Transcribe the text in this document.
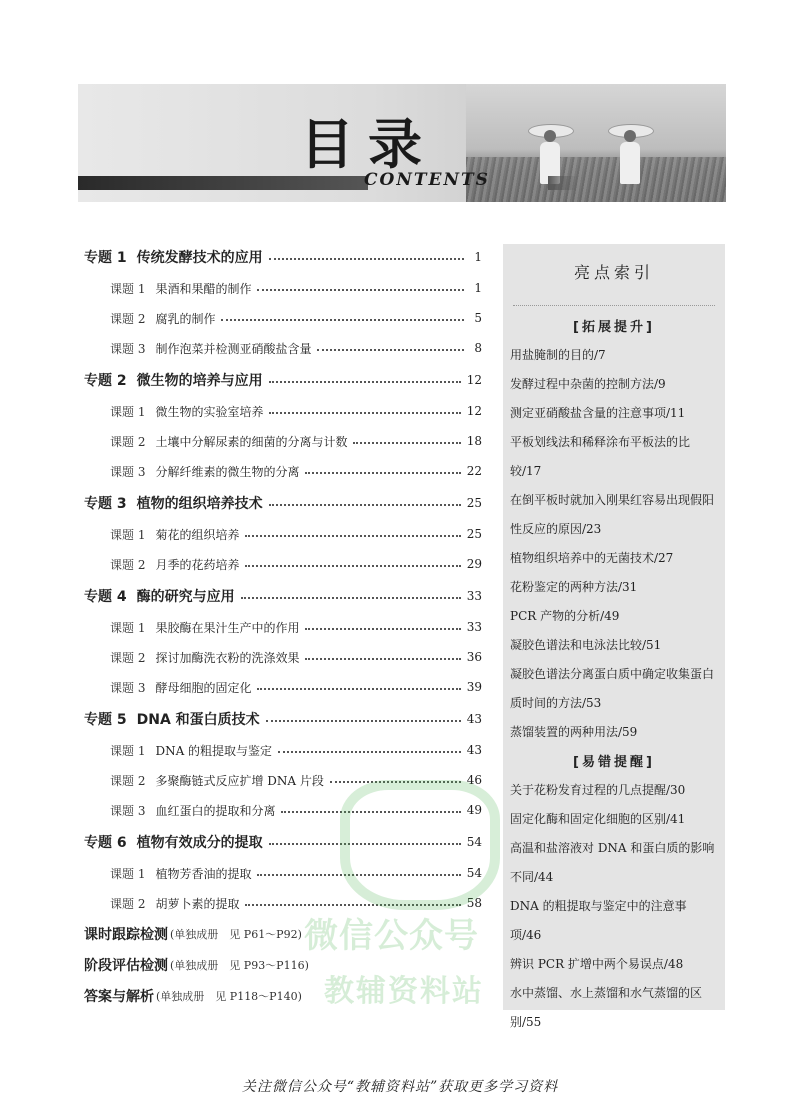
目录
CONTENTS
专题 1 传统发酵技术的应用	1
课题 1 果酒和果醋的制作	1
课题 2 腐乳的制作	5
课题 3 制作泡菜并检测亚硝酸盐含量	8
专题 2 微生物的培养与应用	12
课题 1 微生物的实验室培养	12
课题 2 土壤中分解尿素的细菌的分离与计数	18
课题 3 分解纤维素的微生物的分离	22
专题 3 植物的组织培养技术	25
课题 1 菊花的组织培养	25
课题 2 月季的花药培养	29
专题 4 酶的研究与应用	33
课题 1 果胶酶在果汁生产中的作用	33
课题 2 探讨加酶洗衣粉的洗涤效果	36
课题 3 酵母细胞的固定化	39
专题 5 DNA 和蛋白质技术	43
课题 1 DNA 的粗提取与鉴定	43
课题 2 多聚酶链式反应扩增 DNA 片段	46
课题 3 血红蛋白的提取和分离	49
专题 6 植物有效成分的提取	54
课题 1 植物芳香油的提取	54
课题 2 胡萝卜素的提取	58
课时跟踪检测 (单独成册　见 P61～P92)
阶段评估检测 (单独成册　见 P93～P116)
答案与解析 (单独成册　见 P118～P140)
亮点索引
[拓展提升]
用盐腌制的目的/7
发酵过程中杂菌的控制方法/9
测定亚硝酸盐含量的注意事项/11
平板划线法和稀释涂布平板法的比较/17
在倒平板时就加入刚果红容易出现假阳性反应的原因/23
植物组织培养中的无菌技术/27
花粉鉴定的两种方法/31
PCR 产物的分析/49
凝胶色谱法和电泳法比较/51
凝胶色谱法分离蛋白质中确定收集蛋白质时间的方法/53
蒸馏装置的两种用法/59
[易错提醒]
关于花粉发育过程的几点提醒/30
固定化酶和固定化细胞的区别/41
高温和盐溶液对 DNA 和蛋白质的影响不同/44
DNA 的粗提取与鉴定中的注意事项/46
辨识 PCR 扩增中两个易误点/48
水中蒸馏、水上蒸馏和水气蒸馏的区别/55
微信公众号
教辅资料站
关注微信公众号“教辅资料站”获取更多学习资料
